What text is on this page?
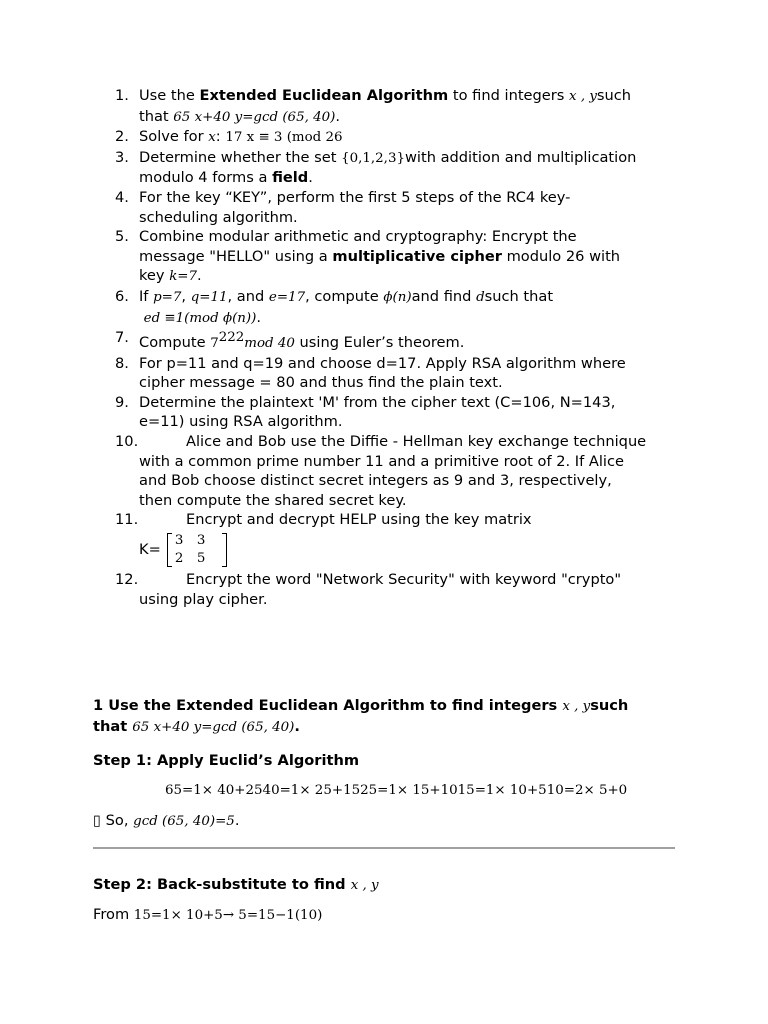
1. Use the Extended Euclidean Algorithm to find integers x , ysuch
that 65 x+40 y=gcd (65, 40).
2. Solve for x: 17 x ≡ 3 (mod 26
3. Determine whether the set {0,1,2,3}with addition and multiplication
modulo 4 forms a field.
4. For the key “KEY”, perform the first 5 steps of the RC4 key-
scheduling algorithm.
5. Combine modular arithmetic and cryptography: Encrypt the
message "HELLO" using a multiplicative cipher modulo 26 with
key k=7.
6. If p=7, q=11, and e=17, compute ϕ(n)and find dsuch that
ed ≡1(mod ϕ(n)).
7. Compute $7^{222}mod$ 40 using Euler’s theorem.
8. For p=11 and q=19 and choose d=17. Apply RSA algorithm where
cipher message = 80 and thus find the plain text.
9. Determine the plaintext 'M' from the cipher text (C=106, N=143,
e=11) using RSA algorithm.
10.	Alice and Bob use the Diffie - Hellman key exchange technique
with a common prime number 11 and a primitive root of 2. If Alice
and Bob choose distinct secret integers as 9 and 3, respectively,
then compute the shared secret key.
11.	Encrypt and decrypt HELP using the key matrix

K=
3 3
2 5
12.	Encrypt the word "Network Security" with keyword "crypto"
using play cipher.
1 Use the Extended Euclidean Algorithm to find integers x , ysuch
that 65 x+40 y=gcd (65, 40).
Step 1: Apply Euclid’s Algorithm
65=1× 40+2540=1× 25+1525=1× 15+1015=1× 10+510=2× 5+0
▯ So, gcd (65, 40)=5.
Step 2: Back-substitute to find x , y
From 15=1× 10+5→ 5=15−1(10)
